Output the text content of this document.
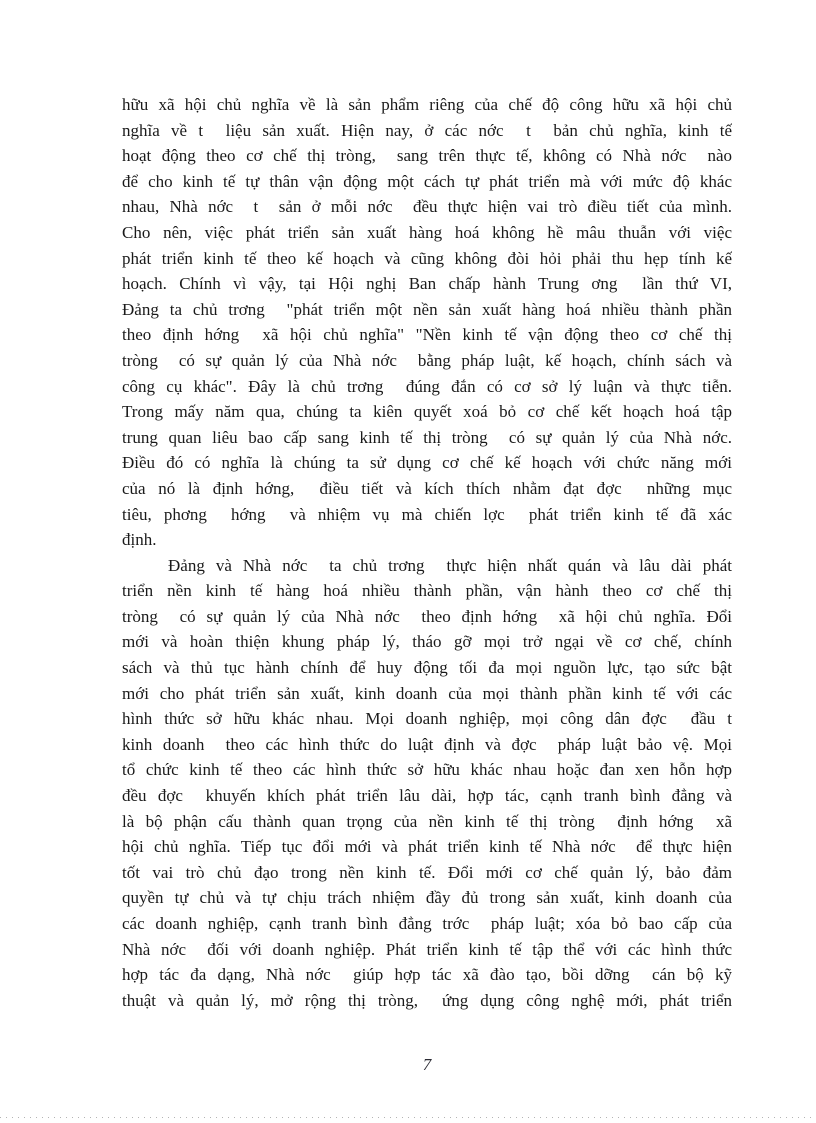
hữu xã hội chủ nghĩa về là sản phẩm riêng của chế độ công hữu xã hội chủ
nghĩa về t  liệu sản xuất. Hiện nay, ở các nớc  t  bản chủ nghĩa, kinh tế
hoạt động theo cơ chế thị tròng,  sang trên thực tế, không có Nhà nớc  nào
để cho kinh tế tự thân vận động một cách tự phát triển mà với mức độ khác
nhau, Nhà nớc  t  sản ở mỗi nớc  đều thực hiện vai trò điều tiết của mình.
Cho nên, việc phát triển sản xuất hàng hoá không hề mâu thuẫn với việc
phát triển kinh tế theo kế hoạch và cũng không đòi hỏi phải thu hẹp tính kế
hoạch. Chính vì vậy, tại Hội nghị Ban chấp hành Trung ơng  lần thứ VI,
Đảng ta chủ trơng  "phát triển một nền sản xuất hàng hoá nhiều thành phần
theo định hớng  xã hội chủ nghĩa" "Nền kinh tế vận động theo cơ chế thị
tròng  có sự quản lý của Nhà nớc  bằng pháp luật, kế hoạch, chính sách và
công cụ khác". Đây là chủ trơng  đúng đắn có cơ sở lý luận và thực tiễn.
Trong mấy năm qua, chúng ta kiên quyết xoá bỏ cơ chế kết hoạch hoá tập
trung quan liêu bao cấp sang kinh tế thị tròng  có sự quản lý của Nhà nớc.
Điều đó có nghĩa là chúng ta sử dụng cơ chế kế hoạch với chức năng mới
của nó là định hớng,  điều tiết và kích thích nhằm đạt đợc  những mục
tiêu, phơng  hớng  và nhiệm vụ mà chiến lợc  phát triển kinh tế đã xác
định.
Đảng và Nhà nớc  ta chủ trơng  thực hiện nhất quán và lâu dài phát
triển nền kinh tế hàng hoá nhiều thành phần, vận hành theo cơ chế thị
tròng  có sự quản lý của Nhà nớc  theo định hớng  xã hội chủ nghĩa. Đổi
mới và hoàn thiện khung pháp lý, tháo gỡ mọi trở ngại về cơ chế, chính
sách và thủ tục hành chính để huy động tối đa mọi nguồn lực, tạo sức bật
mới cho phát triển sản xuất, kinh doanh của mọi thành phần kinh tế với các
hình thức sở hữu khác nhau. Mọi doanh nghiệp, mọi công dân đợc  đầu t
kinh doanh  theo các hình thức do luật định và đợc  pháp luật bảo vệ. Mọi
tổ chức kinh tế theo các hình thức sở hữu khác nhau hoặc đan xen hỗn hợp
đều đợc  khuyến khích phát triển lâu dài, hợp tác, cạnh tranh bình đẳng và
là bộ phận cấu thành quan trọng của nền kinh tế thị tròng  định hớng  xã
hội chủ nghĩa. Tiếp tục đổi mới và phát triển kinh tế Nhà nớc  để thực hiện
tốt vai trò chủ đạo trong nền kinh tế. Đổi mới cơ chế quản lý, bảo đảm
quyền tự chủ và tự chịu trách nhiệm đầy đủ trong sản xuất, kinh doanh của
các doanh nghiệp, cạnh tranh bình đẳng trớc  pháp luật; xóa bỏ bao cấp của
Nhà nớc  đối với doanh nghiệp. Phát triển kinh tế tập thể với các hình thức
hợp tác đa dạng, Nhà nớc  giúp hợp tác xã đào tạo, bồi dỡng  cán bộ kỹ
thuật và quản lý, mở rộng thị tròng,  ứng dụng công nghệ mới, phát triển
7
